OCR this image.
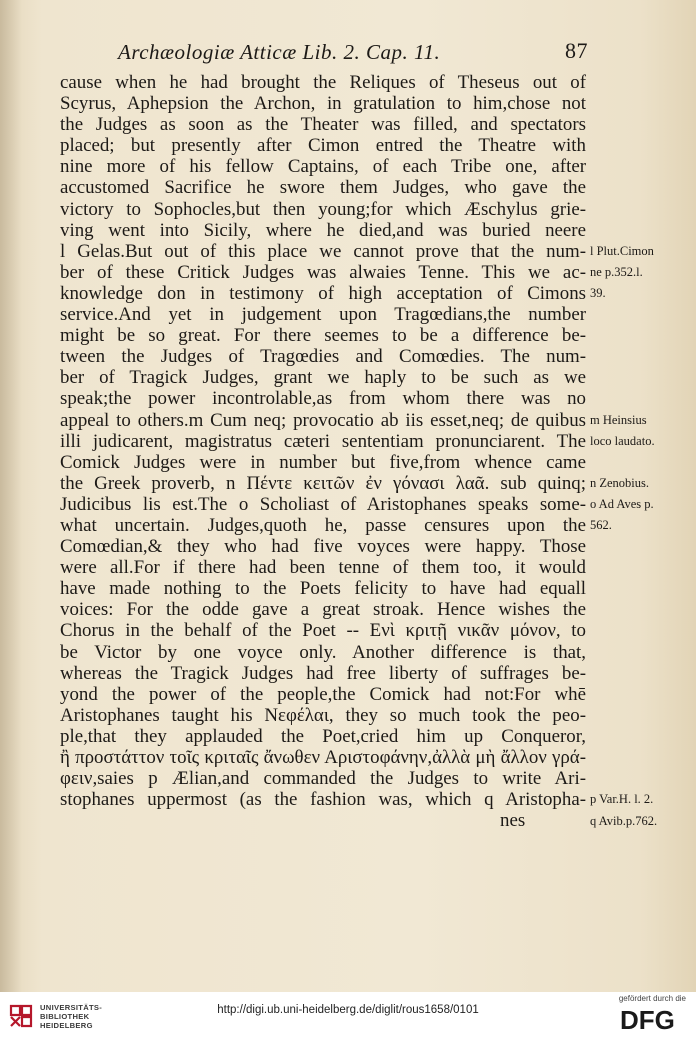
Archæologiæ Atticæ Lib. 2. Cap. 11.	87
cause when he had brought the Reliques of Theseus out of
Scyrus, Aphepsion the Archon, in gratulation to him,chose not
the Judges as soon as the Theater was filled, and spectators
placed; but presently after Cimon entred the Theatre with
nine more of his fellow Captains, of each Tribe one, after
accustomed Sacrifice he swore them Judges, who gave the
victory to Sophocles,but then young;for which Æschylus grie-
ving went into Sicily, where he died,and was buried neere
l Gelas.But out of this place we cannot prove that the num-
ber of these Critick Judges was alwaies Tenne. This we ac-
knowledge don in testimony of high acceptation of Cimons
service.And yet in judgement upon Tragœdians,the number
might be so great. For there seemes to be a difference be-
tween the Judges of Tragœdies and Comœdies. The num-
ber of Tragick Judges, grant we haply to be such as we
speak;the power incontrolable,as from whom there was no
appeal to others.m Cum neq; provocatio ab iis esset,neq; de quibus
illi judicarent, magistratus cæteri sententiam pronunciarent. The
Comick Judges were in number but five,from whence came
the Greek proverb, n Πέντε κειτῶν ἐν γόνασι λαᾶ. sub quinq;
Judicibus lis est.The o Scholiast of Aristophanes speaks some-
what uncertain. Judges,quoth he, passe censures upon the
Comœdian,& they who had five voyces were happy. Those
were all.For if there had been tenne of them too, it would
have made nothing to the Poets felicity to have had equall
voices: For the odde gave a great stroak. Hence wishes the
Chorus in the behalf of the Poet -- Ενὶ κριτῇ νικᾶν μόνον, to
be Victor by one voyce only. Another difference is that,
whereas the Tragick Judges had free liberty of suffrages be-
yond the power of the people,the Comick had not:For whē
Aristophanes taught his Νεφέλαι, they so much took the peo-
ple,that they applauded the Poet,cried him up Conqueror,
ἢ προστάττον τοῖς κριταῖς ἄνωθεν Αριστοφάνην,ἀλλὰ μὴ ἄλλον γρά-
φειν,saies p Ælian,and commanded the Judges to write Ari-
stophanes uppermost (as the fashion was, which q Aristopha-
nes
l Plut.Cimon
ne p.352.l.
39.
m Heinsius
loco laudato.
n Zenobius.
o Ad Aves p.
562.
p Var.H. l. 2.
q Avib.p.762.
UNIVERSITÄTS-
BIBLIOTHEK
HEIDELBERG
http://digi.ub.uni-heidelberg.de/diglit/rous1658/0101
gefördert durch die
DFG
